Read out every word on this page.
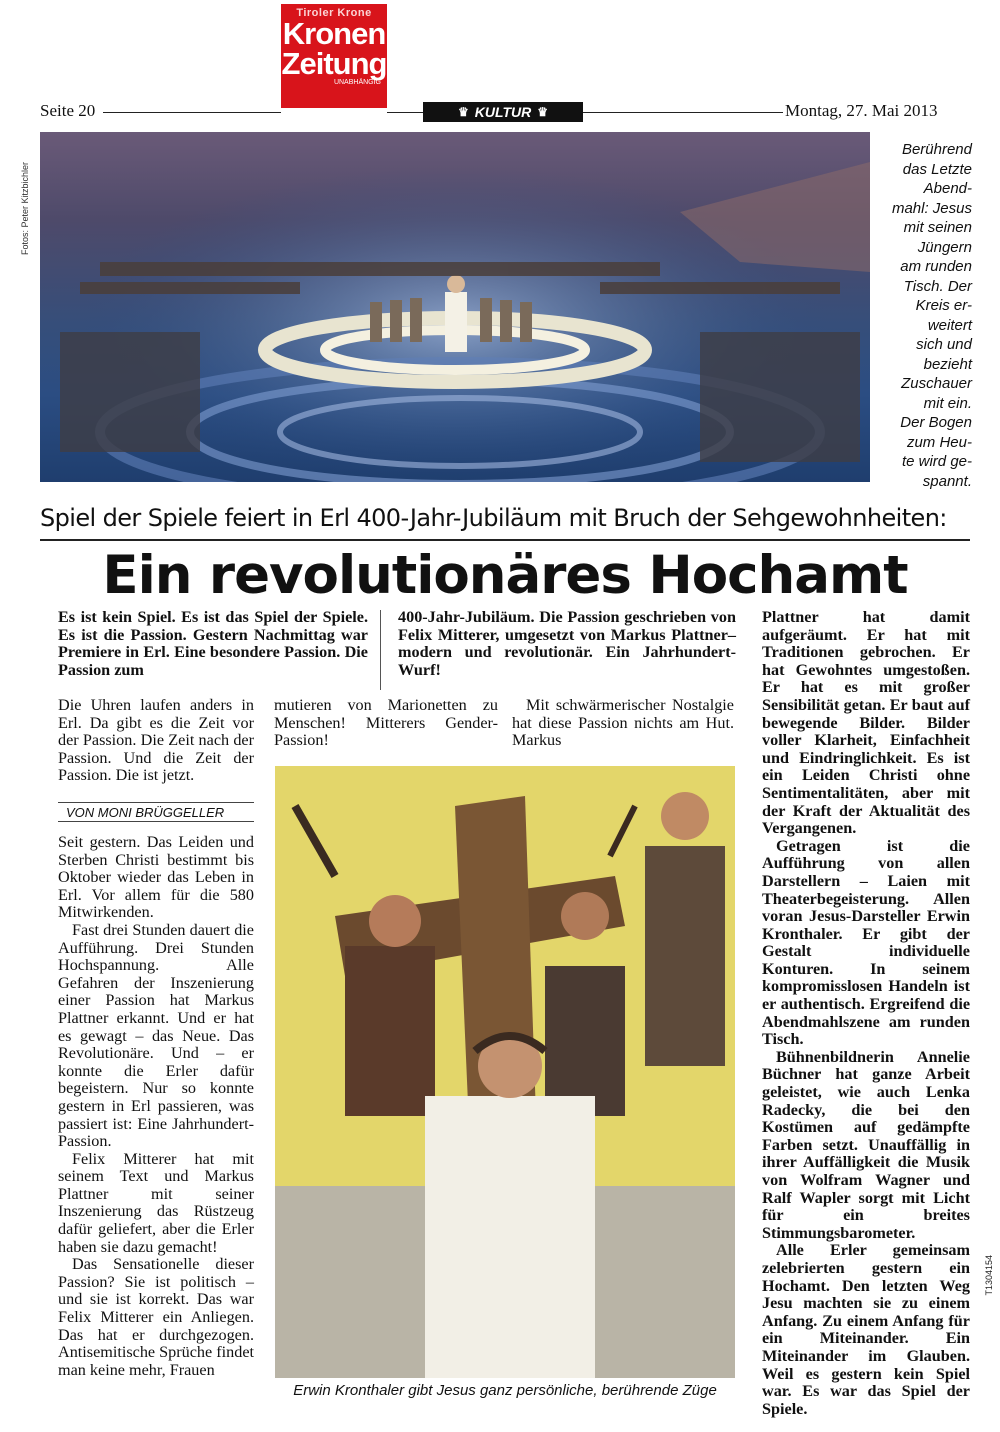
Tiroler Krone
Kronen
Zeitung
UNABHÄNGIG
Seite 20	♛ KULTUR ♛	Montag, 27. Mai 2013
Fotos: Peter Kitzbichler
Berührend
das Letzte
Abend-
mahl: Jesus
mit seinen
Jüngern
am runden
Tisch. Der
Kreis er-
weitert
sich und
bezieht
Zuschauer
mit ein.
Der Bogen
zum Heu-
te wird ge-
spannt.
Spiel der Spiele feiert in Erl 400-Jahr-Jubiläum mit Bruch der Sehgewohnheiten:
Ein revolutionäres Hochamt
Es ist kein Spiel. Es ist das Spiel der Spiele. Es ist die Passion. Gestern Nachmittag war Premiere in Erl. Eine besondere Passion. Die Passion zum
400-Jahr-Jubiläum. Die Passion geschrieben von Felix Mitterer, umgesetzt von Markus Plattner– modern und revolutionär. Ein Jahrhundert-Wurf!
Die Uhren laufen anders in Erl. Da gibt es die Zeit vor der Passion. Die Zeit nach der Passion. Und die Zeit der Passion. Die ist jetzt.
VON MONI BRÜGGELLER

Seit gestern. Das Leiden und Sterben Christi bestimmt bis Oktober wieder das Leben in Erl. Vor allem für die 580 Mitwirkenden.

Fast drei Stunden dauert die Aufführung. Drei Stunden Hochspannung. Alle Gefahren der Inszenierung einer Passion hat Markus Plattner erkannt. Und er hat es gewagt – das Neue. Das Revolutionäre. Und – er konnte die Erler dafür begeistern. Nur so konnte gestern in Erl passieren, was passiert ist: Eine Jahrhundert-Passion.

Felix Mitterer hat mit seinem Text und Markus Plattner mit seiner Inszenierung das Rüstzeug dafür geliefert, aber die Erler haben sie dazu gemacht!

Das Sensationelle dieser Passion? Sie ist politisch – und sie ist korrekt. Das war Felix Mitterer ein Anliegen. Das hat er durchgezogen. Antisemitische Sprüche findet man keine mehr, Frauen

mutieren von Marionetten zu Menschen! Mitterers Gender-Passion!
Mit schwärmerischer Nostalgie hat diese Passion nichts am Hut. Markus
Erwin Kronthaler gibt Jesus ganz persönliche, berührende Züge

Plattner hat damit aufgeräumt. Er hat mit Traditionen gebrochen. Er hat Gewohntes umgestoßen. Er hat es mit großer Sensibilität getan. Er baut auf bewegende Bilder. Bilder voller Klarheit, Einfachheit und Eindringlichkeit. Es ist ein Leiden Christi ohne Sentimentalitäten, aber mit der Kraft der Aktualität des Vergangenen.

Getragen ist die Aufführung von allen Darstellern – Laien mit Theaterbegeisterung. Allen voran Jesus-Darsteller Erwin Kronthaler. Er gibt der Gestalt individuelle Konturen. In seinem kompromisslosen Handeln ist er authentisch. Ergreifend die Abendmahlszene am runden Tisch.

Bühnenbildnerin Annelie Büchner hat ganze Arbeit geleistet, wie auch Lenka Radecky, die bei den Kostümen auf gedämpfte Farben setzt. Unauffällig in ihrer Auffälligkeit die Musik von Wolfram Wagner und Ralf Wapler sorgt mit Licht für ein breites Stimmungsbarometer.

Alle Erler gemeinsam zelebrierten gestern ein Hochamt. Den letzten Weg Jesu machten sie zu einem Anfang. Zu einem Anfang für ein Miteinander. Ein Miteinander im Glauben. Weil es gestern kein Spiel war. Es war das Spiel der Spiele.

T1304154
